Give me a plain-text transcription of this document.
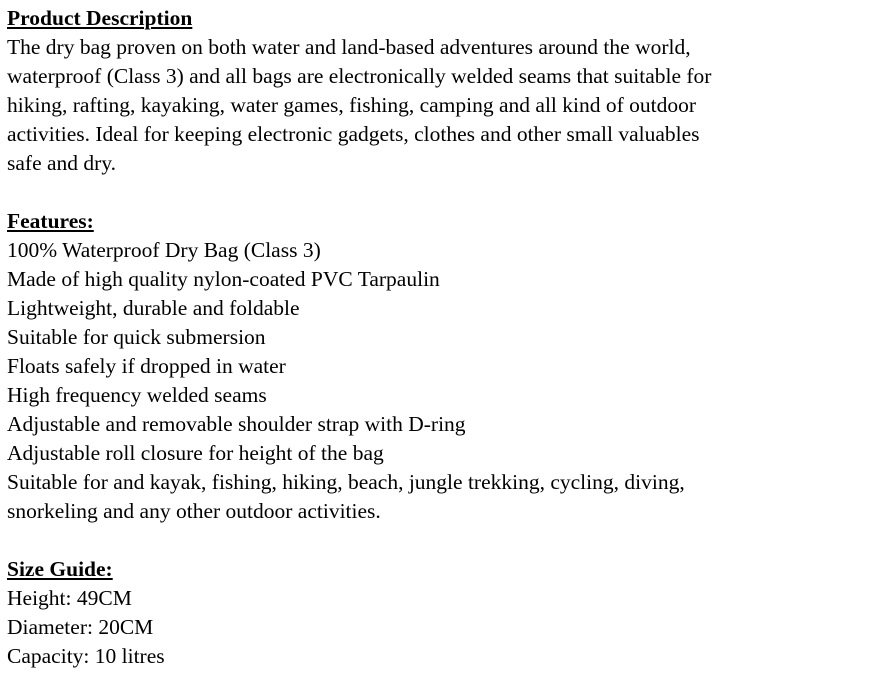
Product Description
The dry bag proven on both water and land-based adventures around the world,
waterproof (Class 3) and all bags are electronically welded seams that suitable for
hiking, rafting, kayaking, water games, fishing, camping and all kind of outdoor
activities. Ideal for keeping electronic gadgets, clothes and other small valuables
safe and dry.
Features:
100% Waterproof Dry Bag (Class 3)
Made of high quality nylon-coated PVC Tarpaulin
Lightweight, durable and foldable
Suitable for quick submersion
Floats safely if dropped in water
High frequency welded seams
Adjustable and removable shoulder strap with D-ring
Adjustable roll closure for height of the bag
Suitable for and kayak, fishing, hiking, beach, jungle trekking, cycling, diving,
snorkeling and any other outdoor activities.
Size Guide:
Height: 49CM
Diameter: 20CM
Capacity: 10 litres
